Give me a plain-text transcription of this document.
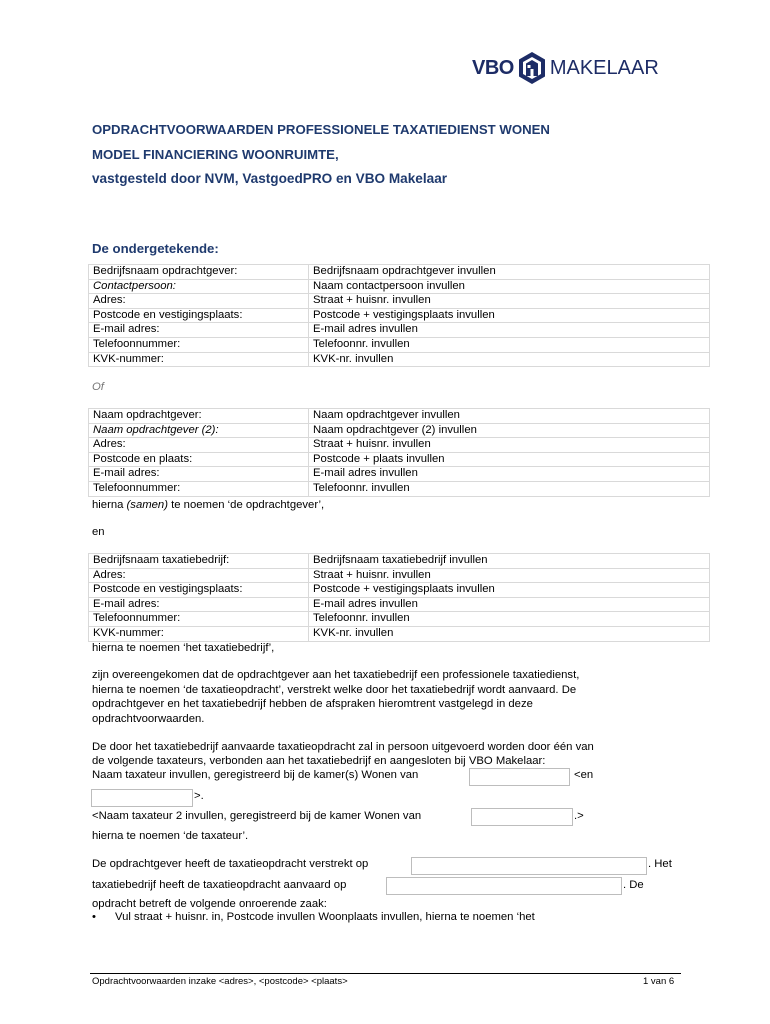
VBO MAKELAAR
OPDRACHTVOORWAARDEN PROFESSIONELE TAXATIEDIENST WONEN
MODEL FINANCIERING WOONRUIMTE,
vastgesteld door NVM, VastgoedPRO en VBO Makelaar
De ondergetekende:
Bedrijfsnaam opdrachtgever:	Bedrijfsnaam opdrachtgever invullen
Contactpersoon:	Naam contactpersoon invullen
Adres:	Straat + huisnr. invullen
Postcode en vestigingsplaats:	Postcode + vestigingsplaats invullen
E-mail adres:	E-mail adres invullen
Telefoonnummer:	Telefoonnr. invullen
KVK-nummer:	KVK-nr. invullen
Of
Naam opdrachtgever:	Naam opdrachtgever invullen
Naam opdrachtgever (2):	Naam opdrachtgever (2) invullen
Adres:	Straat + huisnr. invullen
Postcode en plaats:	Postcode + plaats invullen
E-mail adres:	E-mail adres invullen
Telefoonnummer:	Telefoonnr. invullen
hierna (samen) te noemen ‘de opdrachtgever’,
en
Bedrijfsnaam taxatiebedrijf:	Bedrijfsnaam taxatiebedrijf invullen
Adres:	Straat + huisnr. invullen
Postcode en vestigingsplaats:	Postcode + vestigingsplaats invullen
E-mail adres:	E-mail adres invullen
Telefoonnummer:	Telefoonnr. invullen
KVK-nummer:	KVK-nr. invullen
hierna te noemen ‘het taxatiebedrijf’,
zijn overeengekomen dat de opdrachtgever aan het taxatiebedrijf een professionele taxatiedienst,
hierna te noemen ‘de taxatieopdracht’, verstrekt welke door het taxatiebedrijf wordt aanvaard. De
opdrachtgever en het taxatiebedrijf hebben de afspraken hieromtrent vastgelegd in deze
opdrachtvoorwaarden.
De door het taxatiebedrijf aanvaarde taxatieopdracht zal in persoon uitgevoerd worden door één van
de volgende taxateurs, verbonden aan het taxatiebedrijf en aangesloten bij VBO Makelaar:
Naam taxateur invullen, geregistreerd bij de kamer(s) Wonen van	<en
>.
<Naam taxateur 2 invullen, geregistreerd bij de kamer Wonen van	.>
hierna te noemen ‘de taxateur’.
De opdrachtgever heeft de taxatieopdracht verstrekt op	. Het
taxatiebedrijf heeft de taxatieopdracht aanvaard op	. De
opdracht betreft de volgende onroerende zaak:
• Vul straat + huisnr. in, Postcode invullen Woonplaats invullen, hierna te noemen ‘het
Opdrachtvoorwaarden inzake <adres>, <postcode> <plaats>	1 van 6
